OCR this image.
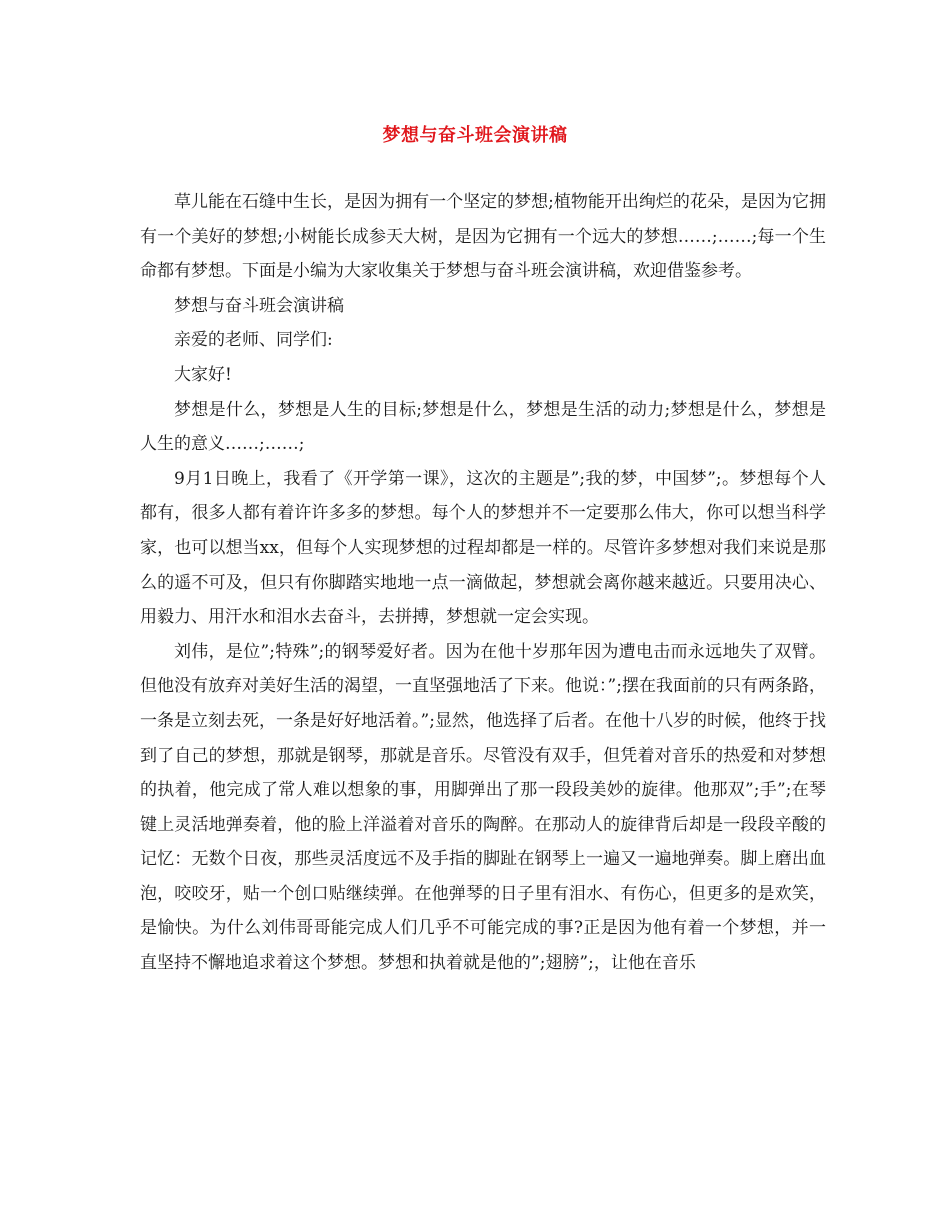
梦想与奋斗班会演讲稿

草儿能在石缝中生长，是因为拥有一个坚定的梦想;植物能开出绚烂的花朵，是因为它拥有一个美好的梦想;小树能长成参天大树，是因为它拥有一个远大的梦想……;……;每一个生命都有梦想。下面是小编为大家收集关于梦想与奋斗班会演讲稿，欢迎借鉴参考。

梦想与奋斗班会演讲稿

亲爱的老师、同学们:

大家好!

梦想是什么，梦想是人生的目标;梦想是什么，梦想是生活的动力;梦想是什么，梦想是人生的意义……;……;

9月1日晚上，我看了《开学第一课》，这次的主题是”;我的梦，中国梦”;。梦想每个人都有，很多人都有着许许多多的梦想。每个人的梦想并不一定要那么伟大，你可以想当科学家，也可以想当xx，但每个人实现梦想的过程却都是一样的。尽管许多梦想对我们来说是那么的遥不可及，但只有你脚踏实地地一点一滴做起，梦想就会离你越来越近。只要用决心、用毅力、用汗水和泪水去奋斗，去拼搏，梦想就一定会实现。

刘伟，是位”;特殊”;的钢琴爱好者。因为在他十岁那年因为遭电击而永远地失了双臂。但他没有放弃对美好生活的渴望，一直坚强地活了下来。他说：”;摆在我面前的只有两条路，一条是立刻去死，一条是好好地活着。”;显然，他选择了后者。在他十八岁的时候，他终于找到了自己的梦想，那就是钢琴，那就是音乐。尽管没有双手，但凭着对音乐的热爱和对梦想的执着，他完成了常人难以想象的事，用脚弹出了那一段段美妙的旋律。他那双”;手”;在琴键上灵活地弹奏着，他的脸上洋溢着对音乐的陶醉。在那动人的旋律背后却是一段段辛酸的记忆：无数个日夜，那些灵活度远不及手指的脚趾在钢琴上一遍又一遍地弹奏。脚上磨出血泡，咬咬牙，贴一个创口贴继续弹。在他弹琴的日子里有泪水、有伤心，但更多的是欢笑，是愉快。为什么刘伟哥哥能完成人们几乎不可能完成的事?正是因为他有着一个梦想，并一直坚持不懈地追求着这个梦想。梦想和执着就是他的”;翅膀”;，让他在音乐
